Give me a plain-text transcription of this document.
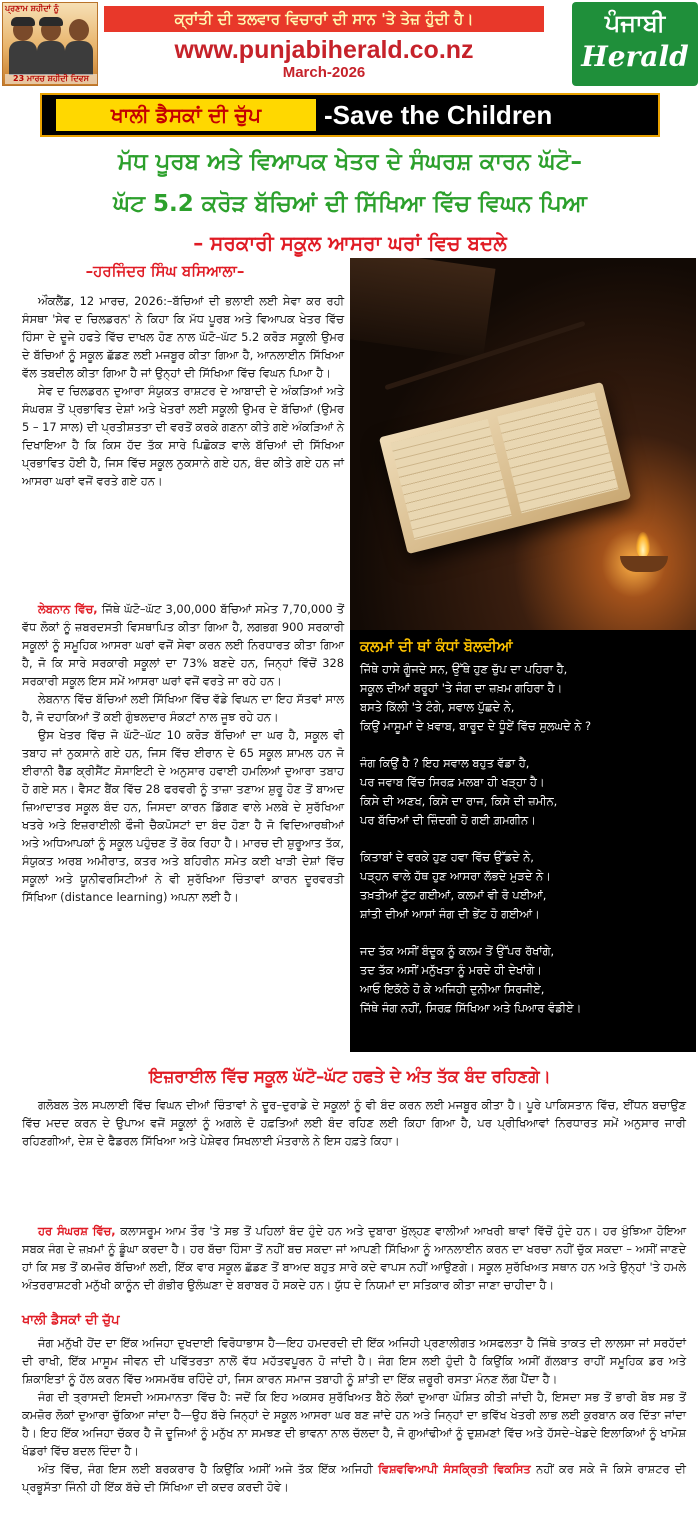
ਪ੍ਰਣਾਮ ਸ਼ਹੀਦਾਂ ਨੂੰ
23 ਮਾਰਚ ਸ਼ਹੀਦੀ ਦਿਵਸ
ਕ੍ਰਾਂਤੀ ਦੀ ਤਲਵਾਰ ਵਿਚਾਰਾਂ ਦੀ ਸਾਨ 'ਤੇ ਤੇਜ਼ ਹੁੰਦੀ ਹੈ।
www.punjabiherald.co.nz
March-2026
ਪੰਜਾਬੀ
Herald
ਖਾਲੀ ਡੈਸਕਾਂ ਦੀ ਚੁੱਪ	-Save the Children
ਮੱਧ ਪੂਰਬ ਅਤੇ ਵਿਆਪਕ ਖੇਤਰ ਦੇ ਸੰਘਰਸ਼ ਕਾਰਨ ਘੱਟੋ–
ਘੱਟ 5.2 ਕਰੋੜ ਬੱਚਿਆਂ ਦੀ ਸਿੱਖਿਆ ਵਿੱਚ ਵਿਘਨ ਪਿਆ
– ਸਰਕਾਰੀ ਸਕੂਲ ਆਸਰਾ ਘਰਾਂ ਵਿਚ ਬਦਲੇ
–ਹਰਜਿੰਦਰ ਸਿੰਘ ਬਸਿਆਲਾ–

ਔਕਲੈਂਡ, 12 ਮਾਰਚ, 2026:–ਬੱਚਿਆਂ ਦੀ ਭਲਾਈ ਲਈ ਸੇਵਾ ਕਰ ਰਹੀ ਸੰਸਥਾ 'ਸੇਵ ਦ ਚਿਲਡਰਨ' ਨੇ ਕਿਹਾ ਕਿ ਮੱਧ ਪੂਰਬ ਅਤੇ ਵਿਆਪਕ ਖੇਤਰ ਵਿੱਚ ਹਿੰਸਾ ਦੇ ਦੂਜੇ ਹਫਤੇ ਵਿੱਚ ਦਾਖਲ ਹੋਣ ਨਾਲ ਘੱਟੋ–ਘੱਟ 5.2 ਕਰੋੜ ਸਕੂਲੀ ਉਮਰ ਦੇ ਬੱਚਿਆਂ ਨੂੰ ਸਕੂਲ ਛੱਡਣ ਲਈ ਮਜਬੂਰ ਕੀਤਾ ਗਿਆ ਹੈ, ਆਨਲਾਈਨ ਸਿੱਖਿਆ ਵੱਲ ਤਬਦੀਲ ਕੀਤਾ ਗਿਆ ਹੈ ਜਾਂ ਉਨ੍ਹਾਂ ਦੀ ਸਿੱਖਿਆ ਵਿੱਚ ਵਿਘਨ ਪਿਆ ਹੈ।

ਸੇਵ ਦ ਚਿਲਡਰਨ ਦੁਆਰਾ ਸੰਯੁਕਤ ਰਾਸ਼ਟਰ ਦੇ ਆਬਾਦੀ ਦੇ ਅੰਕੜਿਆਂ ਅਤੇ ਸੰਘਰਸ਼ ਤੋਂ ਪ੍ਰਭਾਵਿਤ ਦੇਸ਼ਾਂ ਅਤੇ ਖੇਤਰਾਂ ਲਈ ਸਕੂਲੀ ਉਮਰ ਦੇ ਬੱਚਿਆਂ (ਉਮਰ 5 – 17 ਸਾਲ) ਦੀ ਪ੍ਰਤੀਸ਼ਤਤਾ ਦੀ ਵਰਤੋਂ ਕਰਕੇ ਗਣਨਾ ਕੀਤੇ ਗਏ ਅੰਕੜਿਆਂ ਨੇ ਦਿਖਾਇਆ ਹੈ ਕਿ ਕਿਸ ਹੱਦ ਤੱਕ ਸਾਰੇ ਪਿਛੋਕੜ ਵਾਲੇ ਬੱਚਿਆਂ ਦੀ ਸਿੱਖਿਆ ਪ੍ਰਭਾਵਿਤ ਹੋਈ ਹੈ, ਜਿਸ ਵਿੱਚ ਸਕੂਲ ਨੁਕਸਾਨੇ ਗਏ ਹਨ, ਬੰਦ ਕੀਤੇ ਗਏ ਹਨ ਜਾਂ ਆਸਰਾ ਘਰਾਂ ਵਜੋਂ ਵਰਤੇ ਗਏ ਹਨ।

ਲੇਬਨਾਨ ਵਿੱਚ, ਜਿੱਥੇ ਘੱਟੋ–ਘੱਟ 3,00,000 ਬੱਚਿਆਂ ਸਮੇਤ 7,70,000 ਤੋਂ ਵੱਧ ਲੋਕਾਂ ਨੂੰ ਜ਼ਬਰਦਸਤੀ ਵਿਸਥਾਪਿਤ ਕੀਤਾ ਗਿਆ ਹੈ, ਲਗਭਗ 900 ਸਰਕਾਰੀ ਸਕੂਲਾਂ ਨੂੰ ਸਮੂਹਿਕ ਆਸਰਾ ਘਰਾਂ ਵਜੋਂ ਸੇਵਾ ਕਰਨ ਲਈ ਨਿਰਧਾਰਤ ਕੀਤਾ ਗਿਆ ਹੈ, ਜੋ ਕਿ ਸਾਰੇ ਸਰਕਾਰੀ ਸਕੂਲਾਂ ਦਾ 73% ਬਣਦੇ ਹਨ, ਜਿਨ੍ਹਾਂ ਵਿੱਚੋਂ 328 ਸਰਕਾਰੀ ਸਕੂਲ ਇਸ ਸਮੇਂ ਆਸਰਾ ਘਰਾਂ ਵਜੋਂ ਵਰਤੇ ਜਾ ਰਹੇ ਹਨ।

ਲੇਬਨਾਨ ਵਿੱਚ ਬੱਚਿਆਂ ਲਈ ਸਿੱਖਿਆ ਵਿੱਚ ਵੱਡੇ ਵਿਘਨ ਦਾ ਇਹ ਸੱਤਵਾਂ ਸਾਲ ਹੈ, ਜੋ ਦਹਾਕਿਆਂ ਤੋਂ ਕਈ ਗੁੰਝਲਦਾਰ ਸੰਕਟਾਂ ਨਾਲ ਜੂਝ ਰਹੇ ਹਨ।

ਉਸ ਖੇਤਰ ਵਿੱਚ ਜੋ ਘੱਟੋ–ਘੱਟ 10 ਕਰੋੜ ਬੱਚਿਆਂ ਦਾ ਘਰ ਹੈ, ਸਕੂਲ ਵੀ ਤਬਾਹ ਜਾਂ ਨੁਕਸਾਨੇ ਗਏ ਹਨ, ਜਿਸ ਵਿੱਚ ਈਰਾਨ ਦੇ 65 ਸਕੂਲ ਸ਼ਾਮਲ ਹਨ ਜੋ ਈਰਾਨੀ ਰੈੱਡ ਕ੍ਰੀਸੈਂਟ ਸੋਸਾਇਟੀ ਦੇ ਅਨੁਸਾਰ ਹਵਾਈ ਹਮਲਿਆਂ ਦੁਆਰਾ ਤਬਾਹ ਹੋ ਗਏ ਸਨ। ਵੈਸਟ ਬੈਂਕ ਵਿੱਚ 28 ਫਰਵਰੀ ਨੂੰ ਤਾਜ਼ਾ ਤਣਾਅ ਸ਼ੁਰੂ ਹੋਣ ਤੋਂ ਬਾਅਦ ਜ਼ਿਆਦਾਤਰ ਸਕੂਲ ਬੰਦ ਹਨ, ਜਿਸਦਾ ਕਾਰਨ ਡਿੱਗਣ ਵਾਲੇ ਮਲਬੇ ਦੇ ਸੁਰੱਖਿਆ ਖਤਰੇ ਅਤੇ ਇਜ਼ਰਾਈਲੀ ਫੌਜੀ ਚੈਕਪੋਸਟਾਂ ਦਾ ਬੰਦ ਹੋਣਾ ਹੈ ਜੋ ਵਿਦਿਆਰਥੀਆਂ ਅਤੇ ਅਧਿਆਪਕਾਂ ਨੂੰ ਸਕੂਲ ਪਹੁੰਚਣ ਤੋਂ ਰੋਕ ਰਿਹਾ ਹੈ। ਮਾਰਚ ਦੀ ਸ਼ੁਰੂਆਤ ਤੱਕ, ਸੰਯੁਕਤ ਅਰਬ ਅਮੀਰਾਤ, ਕਤਰ ਅਤੇ ਬਹਿਰੀਨ ਸਮੇਤ ਕਈ ਖਾੜੀ ਦੇਸ਼ਾਂ ਵਿੱਚ ਸਕੂਲਾਂ ਅਤੇ ਯੂਨੀਵਰਸਿਟੀਆਂ ਨੇ ਵੀ ਸੁਰੱਖਿਆ ਚਿੰਤਾਵਾਂ ਕਾਰਨ ਦੂਰਵਰਤੀ ਸਿੱਖਿਆ (distance learning) ਅਪਨਾ ਲਈ ਹੈ।

ਕਲਮਾਂ ਦੀ ਥਾਂ ਕੰਧਾਂ ਬੋਲਦੀਆਂ
ਜਿੱਥੇ ਹਾਸੇ ਗੂੰਜਦੇ ਸਨ, ਉੱਥੇ ਹੁਣ ਚੁੱਪ ਦਾ ਪਹਿਰਾ ਹੈ,
ਸਕੂਲ ਦੀਆਂ ਬਰੂਹਾਂ 'ਤੇ ਜੰਗ ਦਾ ਜ਼ਖ਼ਮ ਗਹਿਰਾ ਹੈ।
ਬਸਤੇ ਕਿੱਲੀ 'ਤੇ ਟੰਗੇ, ਸਵਾਲ ਪੁੱਛਦੇ ਨੇ,
ਕਿਉਂ ਮਾਸੂਮਾਂ ਦੇ ਖ਼ਵਾਬ, ਬਾਰੂਦ ਦੇ ਧੂੰਏਂ ਵਿੱਚ ਸੁਲਘਦੇ ਨੇ ?
ਜੰਗ ਕਿਉਂ ਹੈ ? ਇਹ ਸਵਾਲ ਬਹੁਤ ਵੱਡਾ ਹੈ,
ਪਰ ਜਵਾਬ ਵਿੱਚ ਸਿਰਫ਼ ਮਲਬਾ ਹੀ ਖੜ੍ਹਾ ਹੈ।
ਕਿਸੇ ਦੀ ਅਣਖ, ਕਿਸੇ ਦਾ ਰਾਜ, ਕਿਸੇ ਦੀ ਜ਼ਮੀਨ,
ਪਰ ਬੱਚਿਆਂ ਦੀ ਜ਼ਿੰਦਗੀ ਹੋ ਗਈ ਗ਼ਮਗੀਨ।
ਕਿਤਾਬਾਂ ਦੇ ਵਰਕੇ ਹੁਣ ਹਵਾ ਵਿੱਚ ਉੱਡਦੇ ਨੇ,
ਪੜ੍ਹਨ ਵਾਲੇ ਹੱਥ ਹੁਣ ਆਸਰਾ ਲੱਭਦੇ ਮੁੜਦੇ ਨੇ।
ਤਖ਼ਤੀਆਂ ਟੁੱਟ ਗਈਆਂ, ਕਲਮਾਂ ਵੀ ਰੋ ਪਈਆਂ,
ਸ਼ਾਂਤੀ ਦੀਆਂ ਆਸਾਂ ਜੰਗ ਦੀ ਭੇਂਟ ਹੋ ਗਈਆਂ।
ਜਦ ਤੱਕ ਅਸੀਂ ਬੰਦੂਕ ਨੂੰ ਕਲਮ ਤੋਂ ਉੱਪਰ ਰੱਖਾਂਗੇ,
ਤਦ ਤੱਕ ਅਸੀਂ ਮਨੁੱਖਤਾ ਨੂੰ ਮਰਦੇ ਹੀ ਦੇਖਾਂਗੇ।
ਆਓ ਇਕੱਠੇ ਹੋ ਕੇ ਅਜਿਹੀ ਦੁਨੀਆ ਸਿਰਜੀਏ,
ਜਿੱਥੇ ਜੰਗ ਨਹੀਂ, ਸਿਰਫ਼ ਸਿੱਖਿਆ ਅਤੇ ਪਿਆਰ ਵੰਡੀਏ।
ਇਜ਼ਰਾਈਲ ਵਿੱਚ ਸਕੂਲ ਘੱਟੋ–ਘੱਟ ਹਫਤੇ ਦੇ ਅੰਤ ਤੱਕ ਬੰਦ ਰਹਿਣਗੇ।

ਗਲੋਬਲ ਤੇਲ ਸਪਲਾਈ ਵਿੱਚ ਵਿਘਨ ਦੀਆਂ ਚਿੰਤਾਵਾਂ ਨੇ ਦੂਰ–ਦੁਰਾਡੇ ਦੇ ਸਕੂਲਾਂ ਨੂੰ ਵੀ ਬੰਦ ਕਰਨ ਲਈ ਮਜਬੂਰ ਕੀਤਾ ਹੈ। ਪੂਰੇ ਪਾਕਿਸਤਾਨ ਵਿੱਚ, ਈਂਧਨ ਬਚਾਉਣ ਵਿੱਚ ਮਦਦ ਕਰਨ ਦੇ ਉਪਾਅ ਵਜੋਂ ਸਕੂਲਾਂ ਨੂੰ ਅਗਲੇ ਦੋ ਹਫ਼ਤਿਆਂ ਲਈ ਬੰਦ ਰਹਿਣ ਲਈ ਕਿਹਾ ਗਿਆ ਹੈ, ਪਰ ਪ੍ਰੀਖਿਆਵਾਂ ਨਿਰਧਾਰਤ ਸਮੇਂ ਅਨੁਸਾਰ ਜਾਰੀ ਰਹਿਣਗੀਆਂ, ਦੇਸ਼ ਦੇ ਫੈਡਰਲ ਸਿੱਖਿਆ ਅਤੇ ਪੇਸ਼ੇਵਰ ਸਿਖਲਾਈ ਮੰਤਰਾਲੇ ਨੇ ਇਸ ਹਫ਼ਤੇ ਕਿਹਾ।

ਹਰ ਸੰਘਰਸ਼ ਵਿੱਚ, ਕਲਾਸਰੂਮ ਆਮ ਤੌਰ 'ਤੇ ਸਭ ਤੋਂ ਪਹਿਲਾਂ ਬੰਦ ਹੁੰਦੇ ਹਨ ਅਤੇ ਦੁਬਾਰਾ ਖੁੱਲ੍ਹਣ ਵਾਲੀਆਂ ਆਖਰੀ ਥਾਵਾਂ ਵਿੱਚੋਂ ਹੁੰਦੇ ਹਨ। ਹਰ ਖੁੰਝਿਆ ਹੋਇਆ ਸਬਕ ਜੰਗ ਦੇ ਜ਼ਖ਼ਮਾਂ ਨੂੰ ਡੂੰਘਾ ਕਰਦਾ ਹੈ। ਹਰ ਬੱਚਾ ਹਿੰਸਾ ਤੋਂ ਨਹੀਂ ਬਚ ਸਕਦਾ ਜਾਂ ਆਪਣੀ ਸਿੱਖਿਆ ਨੂੰ ਆਨਲਾਈਨ ਕਰਨ ਦਾ ਖਰਚਾ ਨਹੀਂ ਚੁੱਕ ਸਕਦਾ – ਅਸੀਂ ਜਾਣਦੇ ਹਾਂ ਕਿ ਸਭ ਤੋਂ ਕਮਜ਼ੋਰ ਬੱਚਿਆਂ ਲਈ, ਇੱਕ ਵਾਰ ਸਕੂਲ ਛੱਡਣ ਤੋਂ ਬਾਅਦ ਬਹੁਤ ਸਾਰੇ ਕਦੇ ਵਾਪਸ ਨਹੀਂ ਆਉਣਗੇ। ਸਕੂਲ ਸੁਰੱਖਿਅਤ ਸਥਾਨ ਹਨ ਅਤੇ ਉਨ੍ਹਾਂ 'ਤੇ ਹਮਲੇ ਅੰਤਰਰਾਸ਼ਟਰੀ ਮਨੁੱਖੀ ਕਾਨੂੰਨ ਦੀ ਗੰਭੀਰ ਉਲੰਘਣਾ ਦੇ ਬਰਾਬਰ ਹੋ ਸਕਦੇ ਹਨ। ਯੁੱਧ ਦੇ ਨਿਯਮਾਂ ਦਾ ਸਤਿਕਾਰ ਕੀਤਾ ਜਾਣਾ ਚਾਹੀਦਾ ਹੈ।

ਖਾਲੀ ਡੈਸਕਾਂ ਦੀ ਚੁੱਪ

ਜੰਗ ਮਨੁੱਖੀ ਹੋਂਦ ਦਾ ਇੱਕ ਅਜਿਹਾ ਦੁਖਦਾਈ ਵਿਰੋਧਾਭਾਸ ਹੈ—ਇਹ ਹਮਦਰਦੀ ਦੀ ਇੱਕ ਅਜਿਹੀ ਪ੍ਰਣਾਲੀਗਤ ਅਸਫਲਤਾ ਹੈ ਜਿੱਥੇ ਤਾਕਤ ਦੀ ਲਾਲਸਾ ਜਾਂ ਸਰਹੱਦਾਂ ਦੀ ਰਾਖੀ, ਇੱਕ ਮਾਸੂਮ ਜੀਵਨ ਦੀ ਪਵਿੱਤਰਤਾ ਨਾਲੋਂ ਵੱਧ ਮਹੱਤਵਪੂਰਨ ਹੋ ਜਾਂਦੀ ਹੈ। ਜੰਗ ਇਸ ਲਈ ਹੁੰਦੀ ਹੈ ਕਿਉਂਕਿ ਅਸੀਂ ਗੱਲਬਾਤ ਰਾਹੀਂ ਸਮੂਹਿਕ ਡਰ ਅਤੇ ਸ਼ਿਕਾਇਤਾਂ ਨੂੰ ਹੱਲ ਕਰਨ ਵਿੱਚ ਅਸਮਰੱਥ ਰਹਿੰਦੇ ਹਾਂ, ਜਿਸ ਕਾਰਨ ਸਮਾਜ ਤਬਾਹੀ ਨੂੰ ਸ਼ਾਂਤੀ ਦਾ ਇੱਕ ਜ਼ਰੂਰੀ ਰਸਤਾ ਮੰਨਣ ਲੱਗ ਪੈਂਦਾ ਹੈ।

ਜੰਗ ਦੀ ਤ੍ਰਾਸਦੀ ਇਸਦੀ ਅਸਮਾਨਤਾ ਵਿੱਚ ਹੈ: ਜਦੋਂ ਕਿ ਇਹ ਅਕਸਰ ਸੁਰੱਖਿਅਤ ਬੈਠੇ ਲੋਕਾਂ ਦੁਆਰਾ ਘੋਸ਼ਿਤ ਕੀਤੀ ਜਾਂਦੀ ਹੈ, ਇਸਦਾ ਸਭ ਤੋਂ ਭਾਰੀ ਬੋਝ ਸਭ ਤੋਂ ਕਮਜ਼ੋਰ ਲੋਕਾਂ ਦੁਆਰਾ ਚੁੱਕਿਆ ਜਾਂਦਾ ਹੈ—ਉਹ ਬੱਚੇ ਜਿਨ੍ਹਾਂ ਦੇ ਸਕੂਲ ਆਸਰਾ ਘਰ ਬਣ ਜਾਂਦੇ ਹਨ ਅਤੇ ਜਿਨ੍ਹਾਂ ਦਾ ਭਵਿੱਖ ਖੇਤਰੀ ਲਾਭ ਲਈ ਕੁਰਬਾਨ ਕਰ ਦਿੱਤਾ ਜਾਂਦਾ ਹੈ। ਇਹ ਇੱਕ ਅਜਿਹਾ ਚੱਕਰ ਹੈ ਜੋ ਦੂਜਿਆਂ ਨੂੰ ਮਨੁੱਖ ਨਾ ਸਮਝਣ ਦੀ ਭਾਵਨਾ ਨਾਲ ਚੱਲਦਾ ਹੈ, ਜੋ ਗੁਆਂਢੀਆਂ ਨੂੰ ਦੁਸ਼ਮਣਾਂ ਵਿੱਚ ਅਤੇ ਹੱਸਦੇ–ਖੇਡਦੇ ਇਲਾਕਿਆਂ ਨੂੰ ਖਾਮੋਸ਼ ਖੰਡਰਾਂ ਵਿੱਚ ਬਦਲ ਦਿੰਦਾ ਹੈ।

ਅੰਤ ਵਿੱਚ, ਜੰਗ ਇਸ ਲਈ ਬਰਕਰਾਰ ਹੈ ਕਿਉਂਕਿ ਅਸੀਂ ਅਜੇ ਤੱਕ ਇੱਕ ਅਜਿਹੀ ਵਿਸ਼ਵਵਿਆਪੀ ਸੰਸਕ੍ਰਿਤੀ ਵਿਕਸਿਤ ਨਹੀਂ ਕਰ ਸਕੇ ਜੋ ਕਿਸੇ ਰਾਸ਼ਟਰ ਦੀ ਪ੍ਰਭੂਸੱਤਾ ਜਿੰਨੀ ਹੀ ਇੱਕ ਬੱਚੇ ਦੀ ਸਿੱਖਿਆ ਦੀ ਕਦਰ ਕਰਦੀ ਹੋਵੇ।
